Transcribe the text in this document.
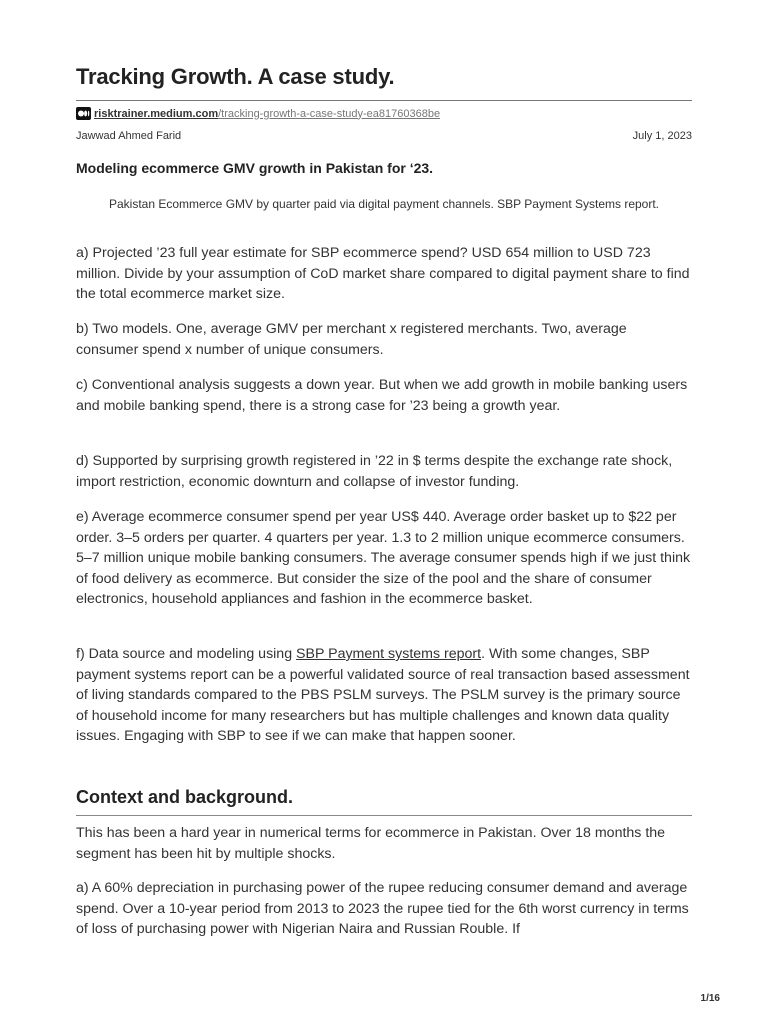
Tracking Growth. A case study.
risktrainer.medium.com /tracking-growth-a-case-study-ea81760368be
Jawwad Ahmed Farid	July 1, 2023
Modeling ecommerce GMV growth in Pakistan for ‘23.

Pakistan Ecommerce GMV by quarter paid via digital payment channels. SBP Payment Systems report.

a) Projected ’23 full year estimate for SBP ecommerce spend? USD 654 million to USD 723 million. Divide by your assumption of CoD market share compared to digital payment share to find the total ecommerce market size.

b) Two models. One, average GMV per merchant x registered merchants. Two, average consumer spend x number of unique consumers.

c) Conventional analysis suggests a down year. But when we add growth in mobile banking users and mobile banking spend, there is a strong case for ’23 being a growth year.

d) Supported by surprising growth registered in ’22 in $ terms despite the exchange rate shock, import restriction, economic downturn and collapse of investor funding.

e) Average ecommerce consumer spend per year US$ 440. Average order basket up to $22 per order. 3–5 orders per quarter. 4 quarters per year. 1.3 to 2 million unique ecommerce consumers. 5–7 million unique mobile banking consumers. The average consumer spends high if we just think of food delivery as ecommerce. But consider the size of the pool and the share of consumer electronics, household appliances and fashion in the ecommerce basket.

f) Data source and modeling using SBP Payment systems report. With some changes, SBP payment systems report can be a powerful validated source of real transaction based assessment of living standards compared to the PBS PSLM surveys. The PSLM survey is the primary source of household income for many researchers but has multiple challenges and known data quality issues. Engaging with SBP to see if we can make that happen sooner.

Context and background.

This has been a hard year in numerical terms for ecommerce in Pakistan. Over 18 months the segment has been hit by multiple shocks.

a) A 60% depreciation in purchasing power of the rupee reducing consumer demand and average spend. Over a 10-year period from 2013 to 2023 the rupee tied for the 6th worst currency in terms of loss of purchasing power with Nigerian Naira and Russian Rouble. If

1/16
